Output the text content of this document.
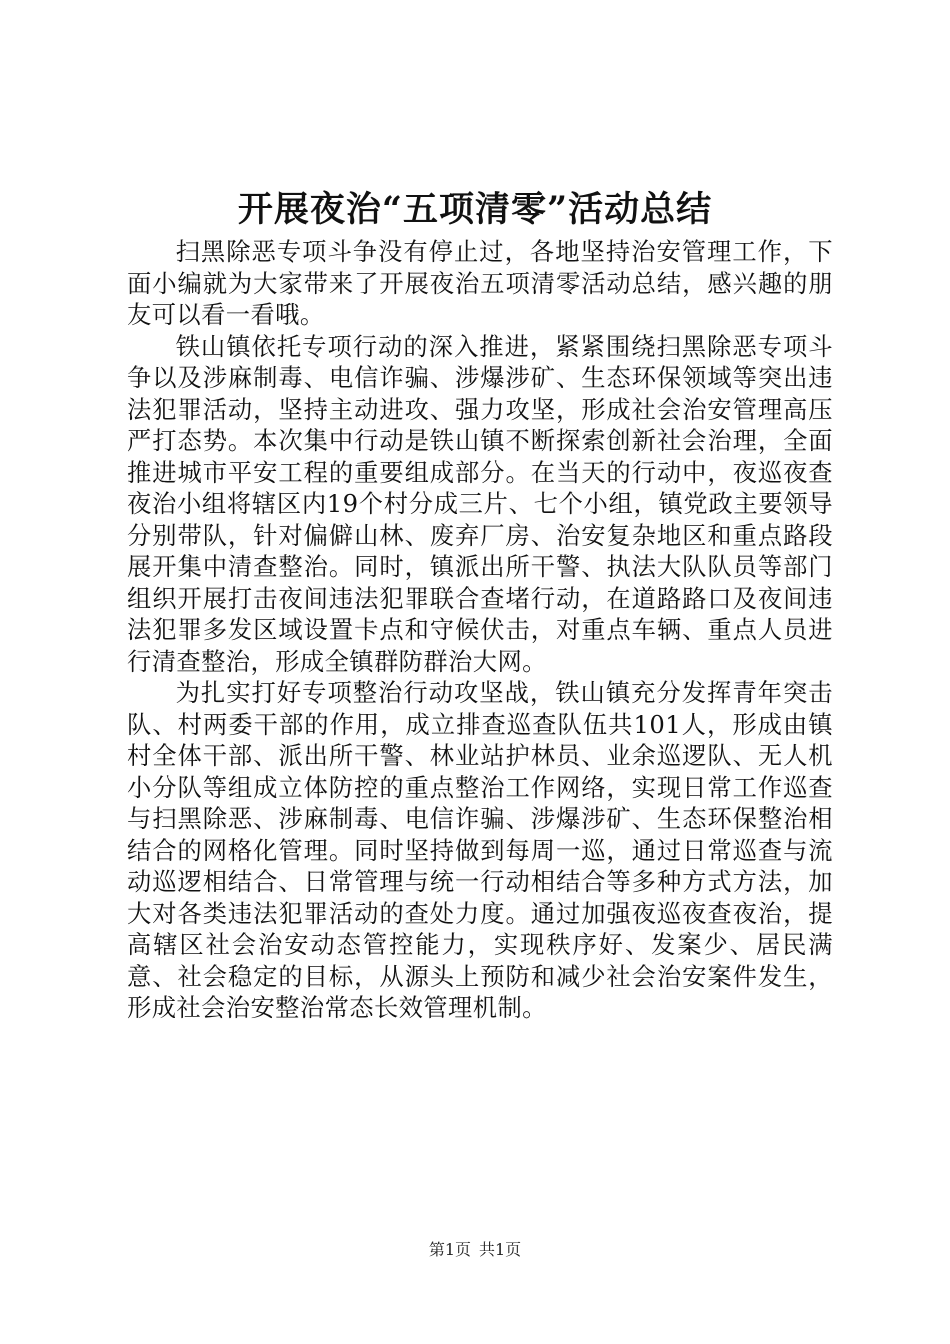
开展夜治“五项清零”活动总结

扫黑除恶专项斗争没有停止过，各地坚持治安管理工作，下面小编就为大家带来了开展夜治五项清零活动总结，感兴趣的朋友可以看一看哦。

铁山镇依托专项行动的深入推进，紧紧围绕扫黑除恶专项斗争以及涉麻制毒、电信诈骗、涉爆涉矿、生态环保领域等突出违法犯罪活动，坚持主动进攻、强力攻坚，形成社会治安管理高压严打态势。本次集中行动是铁山镇不断探索创新社会治理，全面推进城市平安工程的重要组成部分。在当天的行动中，夜巡夜查夜治小组将辖区内19个村分成三片、七个小组，镇党政主要领导分别带队，针对偏僻山林、废弃厂房、治安复杂地区和重点路段展开集中清查整治。同时，镇派出所干警、执法大队队员等部门组织开展打击夜间违法犯罪联合查堵行动，在道路路口及夜间违法犯罪多发区域设置卡点和守候伏击，对重点车辆、重点人员进行清查整治，形成全镇群防群治大网。

为扎实打好专项整治行动攻坚战，铁山镇充分发挥青年突击队、村两委干部的作用，成立排查巡查队伍共101人，形成由镇村全体干部、派出所干警、林业站护林员、业余巡逻队、无人机小分队等组成立体防控的重点整治工作网络，实现日常工作巡查与扫黑除恶、涉麻制毒、电信诈骗、涉爆涉矿、生态环保整治相结合的网格化管理。同时坚持做到每周一巡，通过日常巡查与流动巡逻相结合、日常管理与统一行动相结合等多种方式方法，加大对各类违法犯罪活动的查处力度。通过加强夜巡夜查夜治，提高辖区社会治安动态管控能力，实现秩序好、发案少、居民满意、社会稳定的目标，从源头上预防和减少社会治安案件发生，形成社会治安整治常态长效管理机制。

第1页 共1页
